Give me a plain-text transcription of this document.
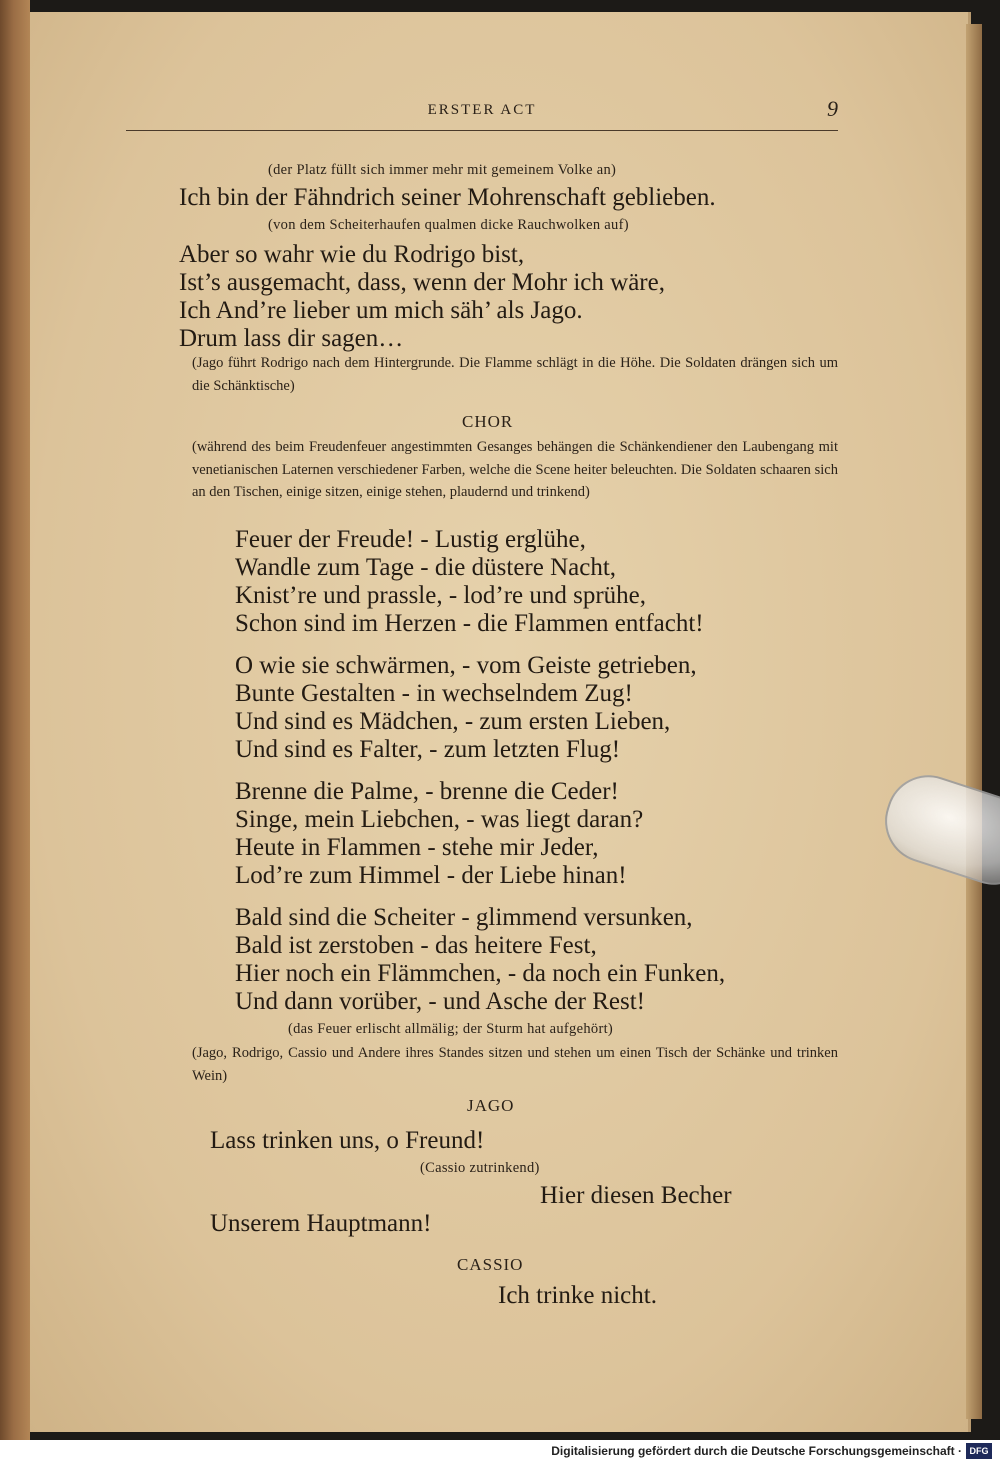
ERSTER ACT	9
(der Platz füllt sich immer mehr mit gemeinem Volke an)
Ich bin der Fähndrich seiner Mohrenschaft geblieben.
(von dem Scheiterhaufen qualmen dicke Rauchwolken auf)
Aber so wahr wie du Rodrigo bist,
Ist’s ausgemacht, dass, wenn der Mohr ich wäre,
Ich And’re lieber um mich säh’ als Jago.
Drum lass dir sagen…
(Jago führt Rodrigo nach dem Hintergrunde. Die Flamme schlägt in die Höhe. Die Soldaten drängen sich um die Schänktische)
CHOR
(während des beim Freudenfeuer angestimmten Gesanges behängen die Schänkendiener den Laubengang mit venetianischen Laternen verschiedener Farben, welche die Scene heiter beleuchten. Die Soldaten schaaren sich an den Tischen, einige sitzen, einige stehen, plaudernd und trinkend)
Feuer der Freude! - Lustig erglühe,
Wandle zum Tage - die düstere Nacht,
Knist’re und prassle, - lod’re und sprühe,
Schon sind im Herzen - die Flammen entfacht!
O wie sie schwärmen, - vom Geiste getrieben,
Bunte Gestalten - in wechselndem Zug!
Und sind es Mädchen, - zum ersten Lieben,
Und sind es Falter, - zum letzten Flug!
Brenne die Palme, - brenne die Ceder!
Singe, mein Liebchen, - was liegt daran?
Heute in Flammen - stehe mir Jeder,
Lod’re zum Himmel - der Liebe hinan!
Bald sind die Scheiter - glimmend versunken,
Bald ist zerstoben - das heitere Fest,
Hier noch ein Flämmchen, - da noch ein Funken,
Und dann vorüber, - und Asche der Rest!
(das Feuer erlischt allmälig; der Sturm hat aufgehört)
(Jago, Rodrigo, Cassio und Andere ihres Standes sitzen und stehen um einen Tisch der Schänke und trinken Wein)
JAGO
Lass trinken uns, o Freund!
(Cassio zutrinkend)
Hier diesen Becher
Unserem Hauptmann!
CASSIO
Ich trinke nicht.
Digitalisierung gefördert durch die Deutsche Forschungsgemeinschaft · DFG
